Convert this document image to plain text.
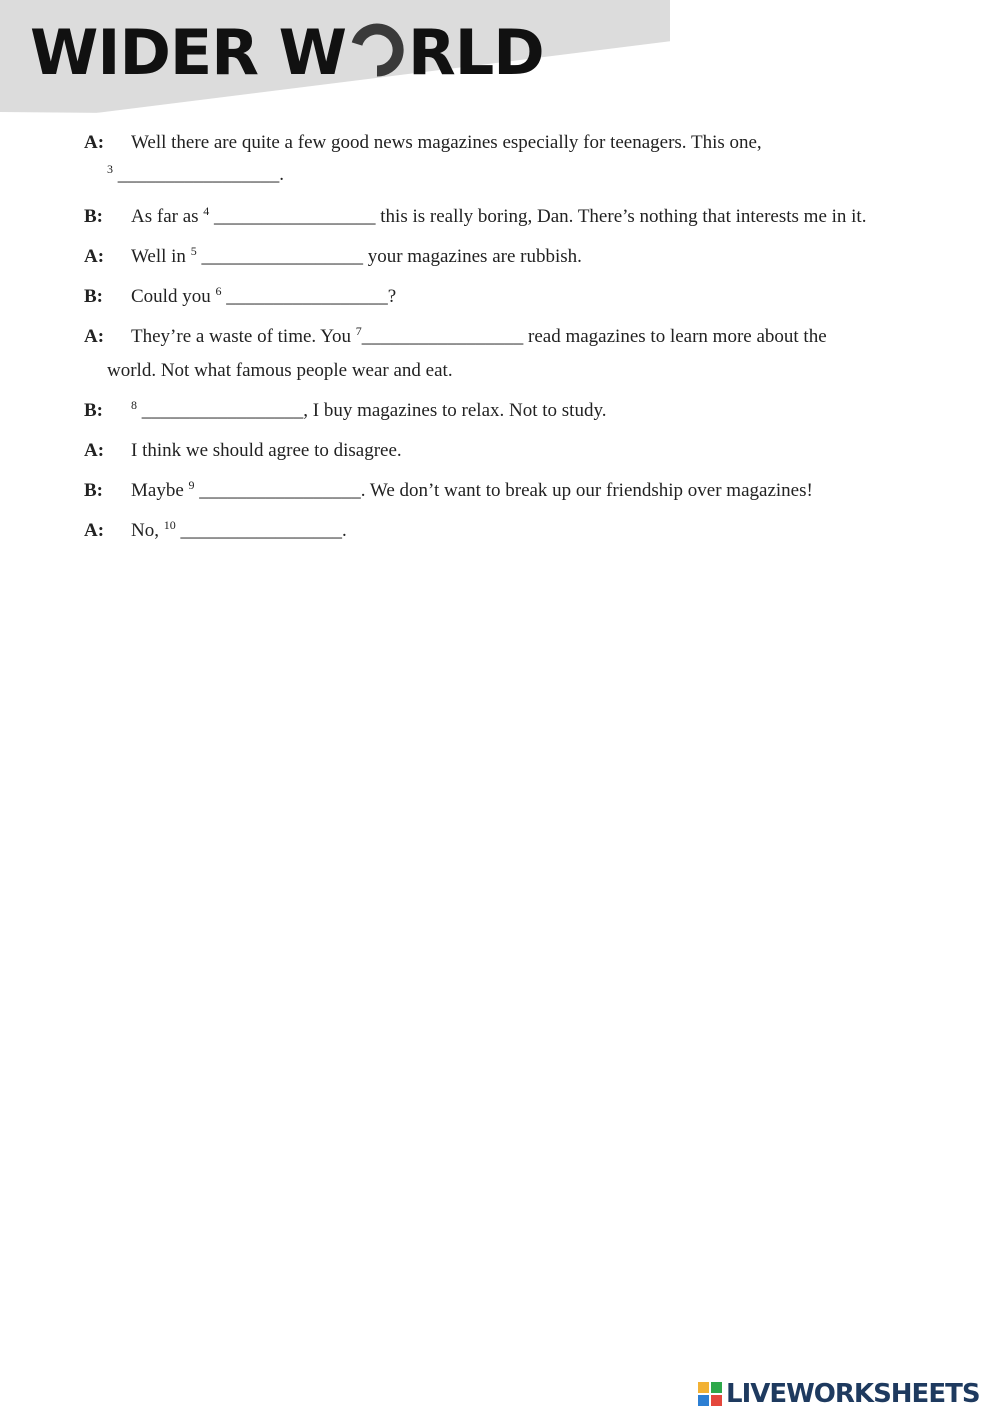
WIDER W RLD
A: Well there are quite a few good news magazines especially for teenagers. This one,
$^3$ _________________.
B: As far as $^4$ _________________ this is really boring, Dan. There’s nothing that interests me in it.
A: Well in $^5$ _________________ your magazines are rubbish.
B: Could you $^6$ _________________?
A: They’re a waste of time. You $^7$_________________ read magazines to learn more about the
world. Not what famous people wear and eat.
B: $^8$ _________________, I buy magazines to relax. Not to study.
A: I think we should agree to disagree.
B: Maybe $^9$ _________________. We don’t want to break up our friendship over magazines!
A: No, $^{10}$ _________________.
LIVEWORKSHEETS
